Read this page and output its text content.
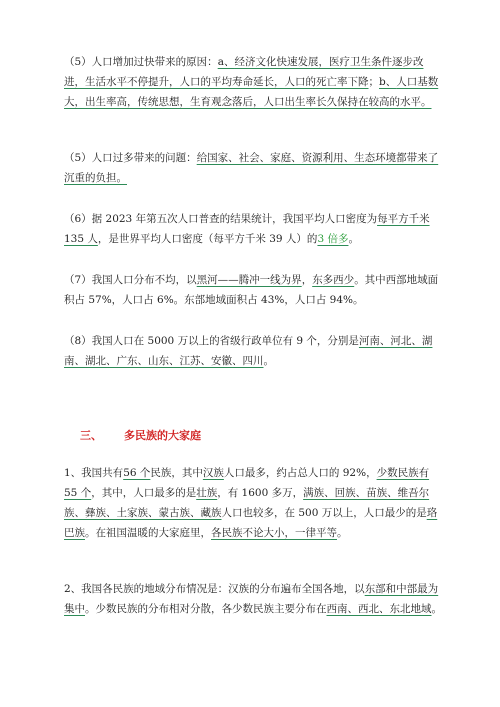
（5）人口增加过快带来的原因：a、经济文化快速发展，医疗卫生条件逐步改进，生活水平不停提升，人口的平均寿命延长，人口的死亡率下降；b、人口基数大，出生率高，传统思想，生育观念落后，人口出生率长久保持在较高的水平。

（5）人口过多带来的问题：给国家、社会、家庭、资源利用、生态环境都带来了沉重的负担。

（6）据 2023 年第五次人口普查的结果统计，我国平均人口密度为每平方千米 135 人，是世界平均人口密度（每平方千米 39 人）的3 倍多。

（7）我国人口分布不均，以黑河——腾冲一线为界，东多西少。其中西部地域面积占 57%，人口占 6%。东部地域面积占 43%，人口占 94%。

（8）我国人口在 5000 万以上的省级行政单位有 9 个，分别是河南、河北、湖南、湖北、广东、山东、江苏、安徽、四川。

三、 多民族的大家庭

1、我国共有56 个民族，其中汉族人口最多，约占总人口的 92%，少数民族有 55 个，其中，人口最多的是壮族，有 1600 多万，满族、回族、苗族、维吾尔族、彝族、土家族、蒙古族、藏族人口也较多，在 500 万以上，人口最少的是珞巴族。在祖国温暖的大家庭里，各民族不论大小，一律平等。

2、我国各民族的地域分布情况是：汉族的分布遍布全国各地，以东部和中部最为集中。少数民族的分布相对分散，各少数民族主要分布在西南、西北、东北地域。
